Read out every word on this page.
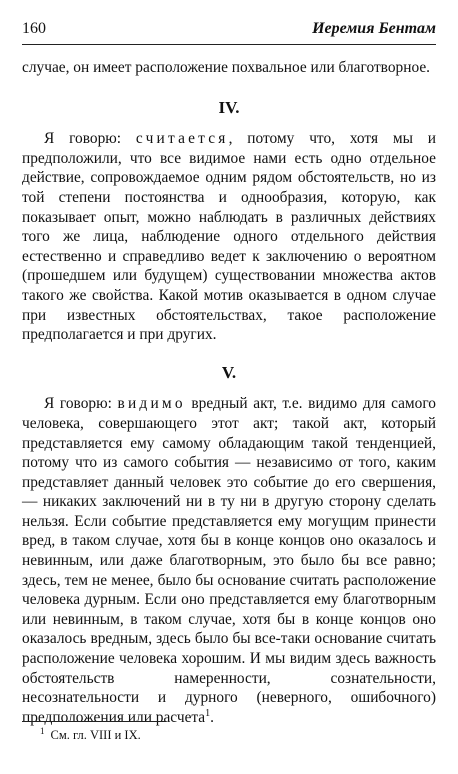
160	Иеремия Бентам

случае, он имеет расположение похвальное или благотворное.

IV.

Я говорю: считается, потому что, хотя мы и предположили, что все видимое нами есть одно отдельное действие, сопровождаемое одним рядом обстоятельств, но из той степени постоянства и однообразия, которую, как показывает опыт, можно наблюдать в различных действиях того же лица, наблюдение одного отдельного действия естественно и справедливо ведет к заключению о вероятном (прошедшем или будущем) существовании множества актов такого же свойства. Какой мотив оказывается в одном случае при известных обстоятельствах, такое расположение предполагается и при других.

V.

Я говорю: видимо вредный акт, т.е. видимо для самого человека, совершающего этот акт; такой акт, который представляется ему самому обладающим такой тенденцией, потому что из самого события — независимо от того, каким представляет данный человек это событие до его свершения, — никаких заключений ни в ту ни в другую сторону сделать нельзя. Если событие представляется ему могущим принести вред, в таком случае, хотя бы в конце концов оно оказалось и невинным, или даже благотворным, это было бы все равно; здесь, тем не менее, было бы основание считать расположение человека дурным. Если оно представляется ему благотворным или невинным, в таком случае, хотя бы в конце концов оно оказалось вредным, здесь было бы все-таки основание считать расположение человека хорошим. И мы видим здесь важность обстоятельств намеренности, сознательности, несознательности и дурного (неверного, ошибочного) предположения или расчета$^1$.

$^1$ См. гл. VIII и IX.
